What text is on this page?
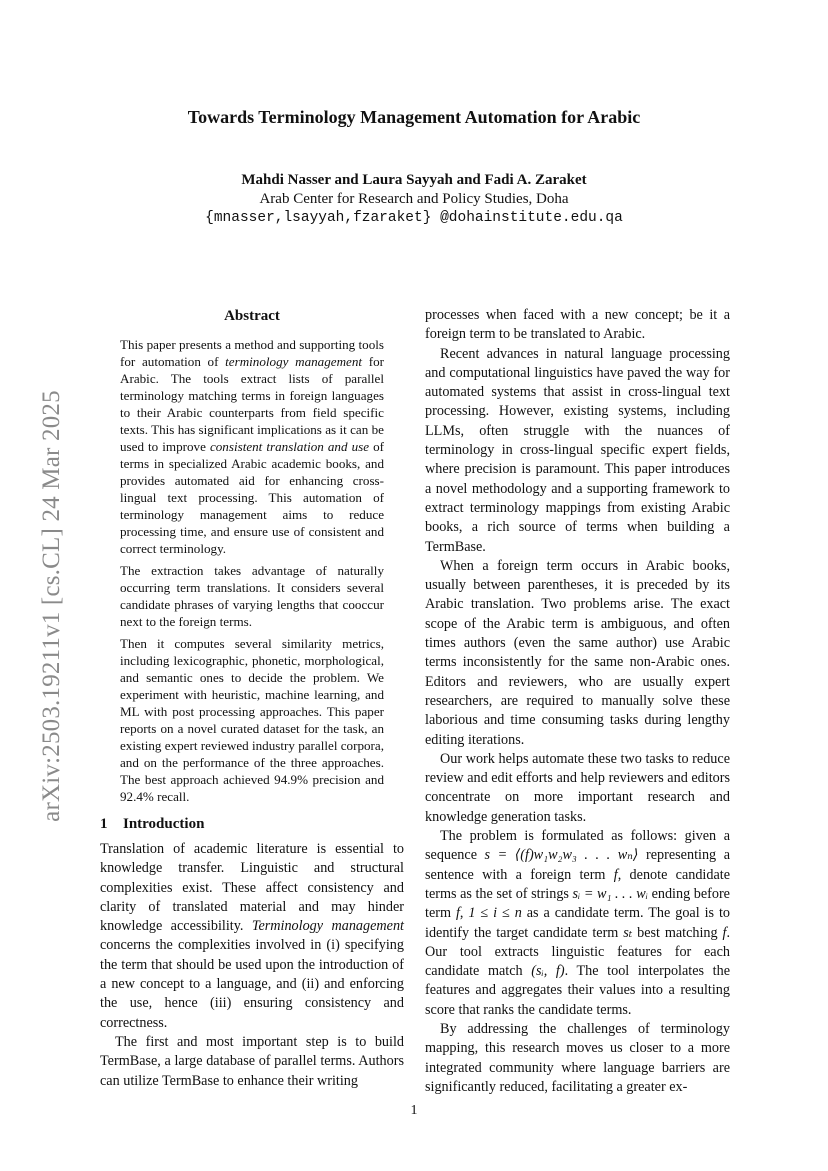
arXiv:2503.19211v1 [cs.CL] 24 Mar 2025
Towards Terminology Management Automation for Arabic
Mahdi Nasser and Laura Sayyah and Fadi A. Zaraket
Arab Center for Research and Policy Studies, Doha
{mnasser,lsayyah,fzaraket} @dohainstitute.edu.qa
Abstract

This paper presents a method and supporting tools for automation of terminology management for Arabic. The tools extract lists of parallel terminology matching terms in foreign languages to their Arabic counterparts from field specific texts. This has significant implications as it can be used to improve consistent translation and use of terms in specialized Arabic academic books, and provides automated aid for enhancing cross-lingual text processing. This automation of terminology management aims to reduce processing time, and ensure use of consistent and correct terminology.

The extraction takes advantage of naturally occurring term translations. It considers several candidate phrases of varying lengths that cooccur next to the foreign terms.

Then it computes several similarity metrics, including lexicographic, phonetic, morphological, and semantic ones to decide the problem. We experiment with heuristic, machine learning, and ML with post processing approaches. This paper reports on a novel curated dataset for the task, an existing expert reviewed industry parallel corpora, and on the performance of the three approaches. The best approach achieved 94.9% precision and 92.4% recall.

1 Introduction

Translation of academic literature is essential to knowledge transfer. Linguistic and structural complexities exist. These affect consistency and clarity of translated material and may hinder knowledge accessibility. Terminology management concerns the complexities involved in (i) specifying the term that should be used upon the introduction of a new concept to a language, and (ii) and enforcing the use, hence (iii) ensuring consistency and correctness.

The first and most important step is to build TermBase, a large database of parallel terms. Authors can utilize TermBase to enhance their writing

processes when faced with a new concept; be it a foreign term to be translated to Arabic.

Recent advances in natural language processing and computational linguistics have paved the way for automated systems that assist in cross-lingual text processing. However, existing systems, including LLMs, often struggle with the nuances of terminology in cross-lingual specific expert fields, where precision is paramount. This paper introduces a novel methodology and a supporting framework to extract terminology mappings from existing Arabic books, a rich source of terms when building a TermBase.

When a foreign term occurs in Arabic books, usually between parentheses, it is preceded by its Arabic translation. Two problems arise. The exact scope of the Arabic term is ambiguous, and often times authors (even the same author) use Arabic terms inconsistently for the same non-Arabic ones. Editors and reviewers, who are usually expert researchers, are required to manually solve these laborious and time consuming tasks during lengthy editing iterations.

Our work helps automate these two tasks to reduce review and edit efforts and help reviewers and editors concentrate on more important research and knowledge generation tasks.

The problem is formulated as follows: given a sequence s = ⟨(f)w₁w₂w₃ . . . wₙ⟩ representing a sentence with a foreign term f, denote candidate terms as the set of strings sᵢ = w₁ . . . wᵢ ending before term f, 1 ≤ i ≤ n as a candidate term. The goal is to identify the target candidate term sₜ best matching f. Our tool extracts linguistic features for each candidate match (sᵢ, f). The tool interpolates the features and aggregates their values into a resulting score that ranks the candidate terms.

By addressing the challenges of terminology mapping, this research moves us closer to a more integrated community where language barriers are significantly reduced, facilitating a greater ex-

1
